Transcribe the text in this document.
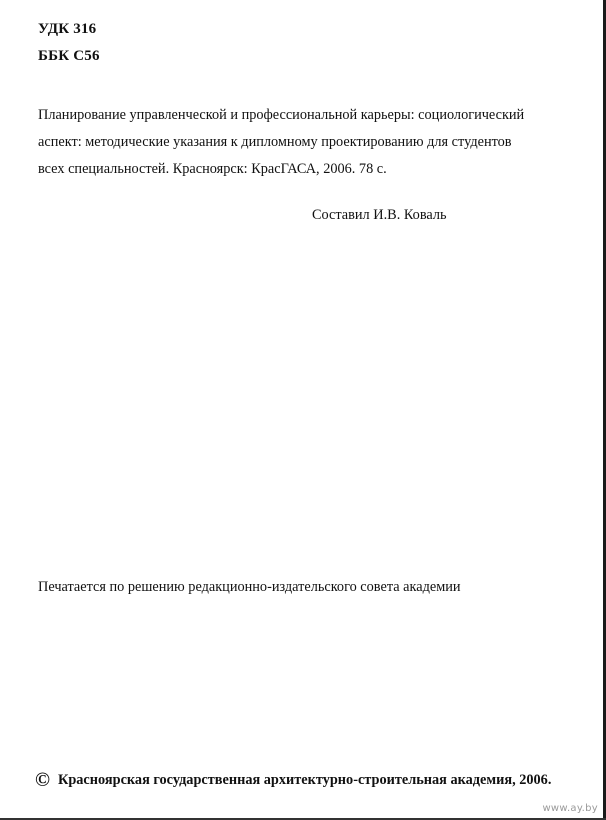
УДК 316
ББК С56
Планирование управленческой и профессиональной карьеры: социологический
аспект: методические указания к дипломному проектированию для студентов
всех специальностей. Красноярск: КрасГАСА, 2006. 78 с.
Составил И.В. Коваль
Печатается по решению редакционно-издательского совета академии
© Красноярская государственная архитектурно-строительная академия, 2006.
www.ay.by
